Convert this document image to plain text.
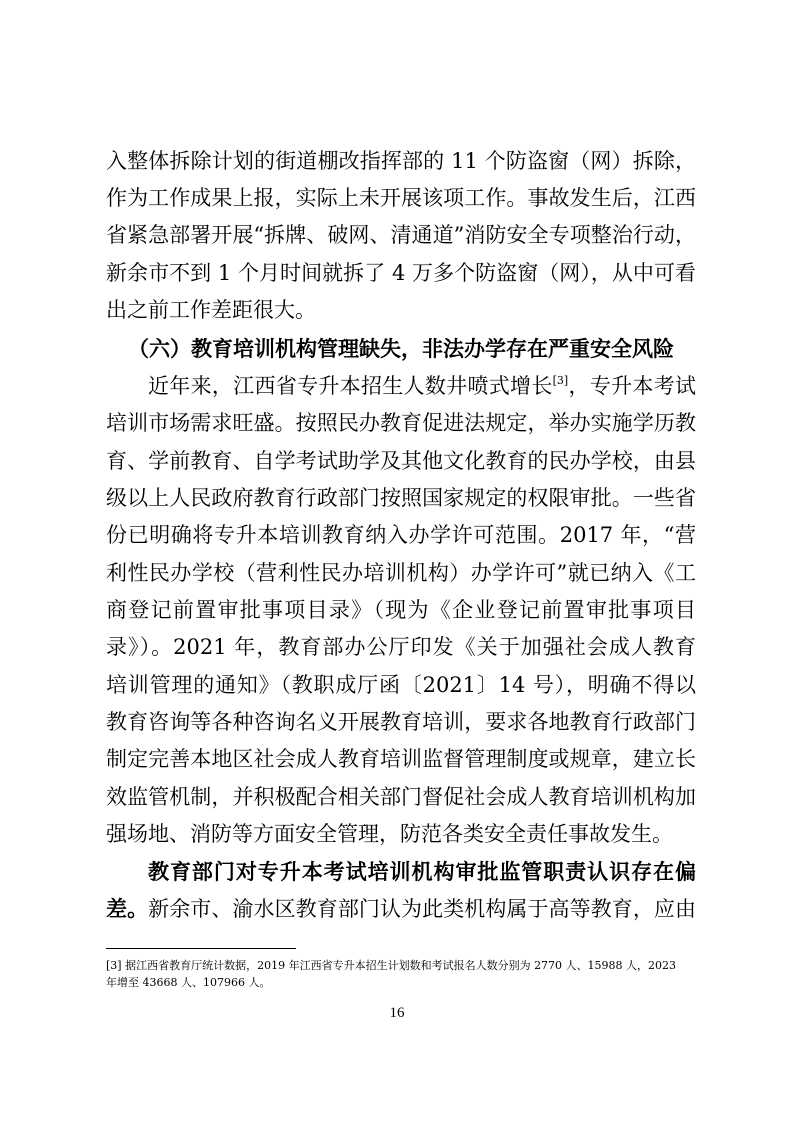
入整体拆除计划的街道棚改指挥部的 11 个防盗窗（网）拆除，
作为工作成果上报，实际上未开展该项工作。事故发生后，江西
省紧急部署开展“拆牌、破网、清通道”消防安全专项整治行动，
新余市不到 1 个月时间就拆了 4 万多个防盗窗（网），从中可看
出之前工作差距很大。
（六）教育培训机构管理缺失，非法办学存在严重安全风险
近年来，江西省专升本招生人数井喷式增长[3]，专升本考试
培训市场需求旺盛。按照民办教育促进法规定，举办实施学历教
育、学前教育、自学考试助学及其他文化教育的民办学校，由县
级以上人民政府教育行政部门按照国家规定的权限审批。一些省
份已明确将专升本培训教育纳入办学许可范围。2017 年，“营
利性民办学校（营利性民办培训机构）办学许可”就已纳入《工
商登记前置审批事项目录》（现为《企业登记前置审批事项目
录》）。2021 年，教育部办公厅印发《关于加强社会成人教育
培训管理的通知》（教职成厅函〔2021〕14 号），明确不得以
教育咨询等各种咨询名义开展教育培训，要求各地教育行政部门
制定完善本地区社会成人教育培训监督管理制度或规章，建立长
效监管机制，并积极配合相关部门督促社会成人教育培训机构加
强场地、消防等方面安全管理，防范各类安全责任事故发生。
教育部门对专升本考试培训机构审批监管职责认识存在偏
差。新余市、渝水区教育部门认为此类机构属于高等教育，应由
[3] 据江西省教育厅统计数据，2019 年江西省专升本招生计划数和考试报名人数分别为 2770 人、15988 人，2023
年增至 43668 人、107966 人。
16
